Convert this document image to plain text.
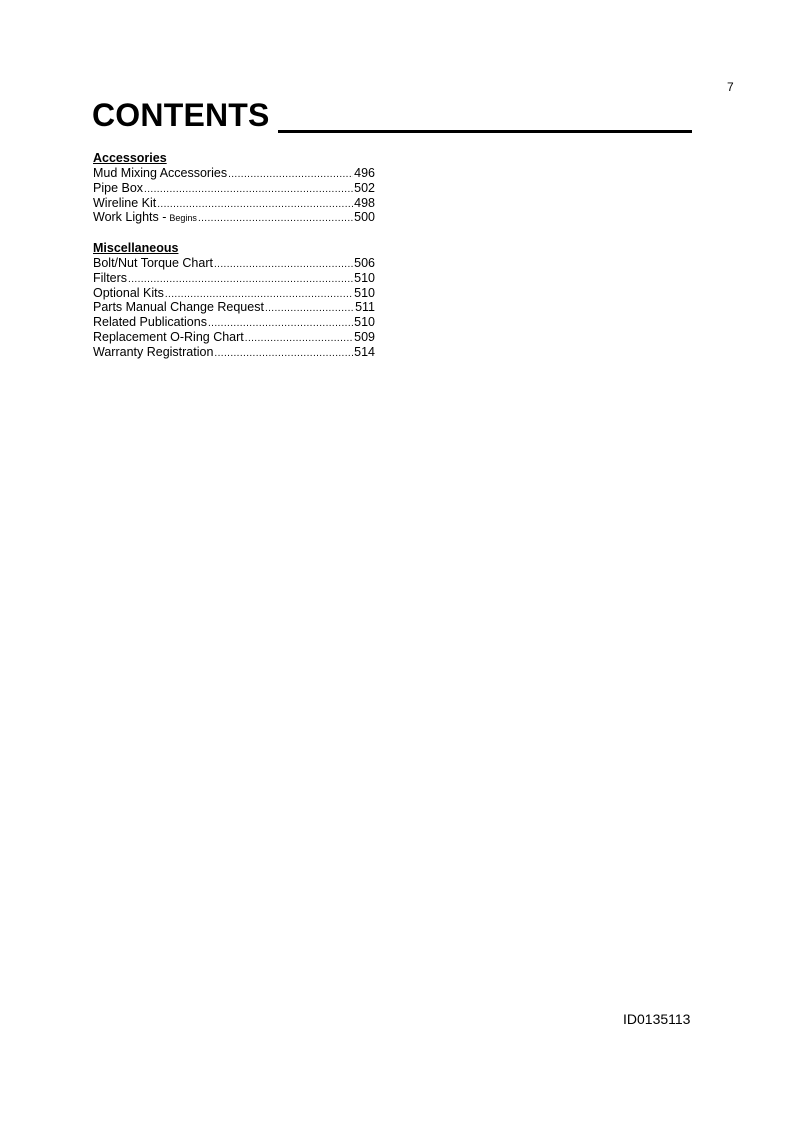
7
CONTENTS
Accessories
Mud Mixing Accessories .....	496
Pipe Box .....	502
Wireline Kit .....	498
Work Lights - Begins .....	500
Miscellaneous
Bolt/Nut Torque Chart .....	506
Filters .....	510
Optional Kits .....	510
Parts Manual Change Request .....	511
Related Publications .....	510
Replacement O-Ring Chart .....	509
Warranty Registration .....	514
ID0135113
